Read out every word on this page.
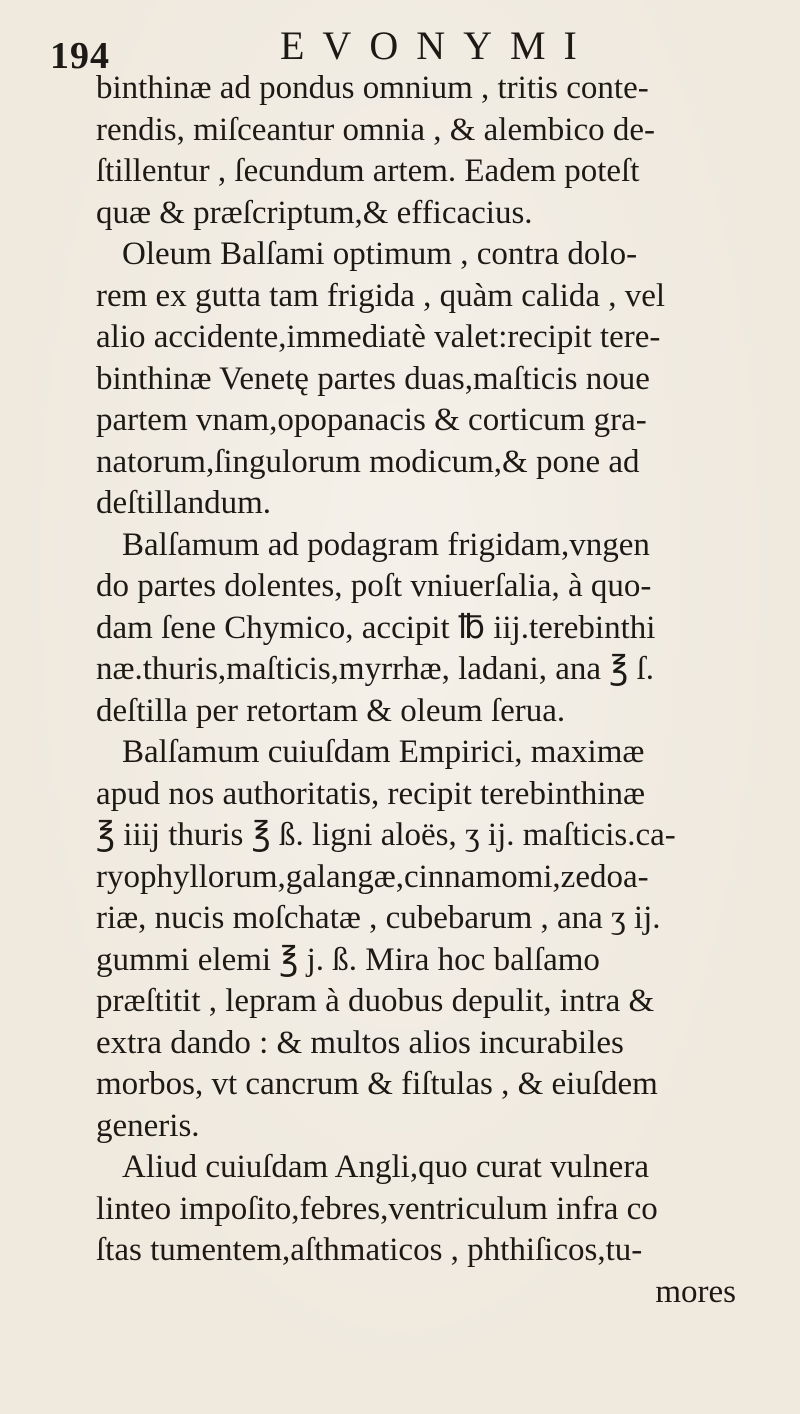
194	EVONYMI
binthinæ ad pondus omnium , tritis conte-
rendis, miſceantur omnia , & alembico de-
ſtillentur , ſecundum artem. Eadem poteſt
quæ & præſcriptum,& efficacius.
Oleum Balſami optimum , contra dolo-
rem ex gutta tam frigida , quàm calida , vel
alio accidente,immediatè valet:recipit tere-
binthinæ Venetę partes duas,maſticis noue
partem vnam,opopanacis & corticum gra-
natorum,ſingulorum modicum,& pone ad
deſtillandum.
Balſamum ad podagram frigidam,vngen
do partes dolentes, poſt vniuerſalia, à quo-
dam ſene Chymico, accipit ℔ iij.terebinthi
næ.thuris,maſticis,myrrhæ, ladani, ana ℥ ſ.
deſtilla per retortam & oleum ſerua.
Balſamum cuiuſdam Empirici, maximæ
apud nos authoritatis, recipit terebinthinæ
℥ iiij thuris ℥ ß. ligni aloës, ʒ ij. maſticis.ca-
ryophyllorum,galangæ,cinnamomi,zedoa-
riæ, nucis moſchatæ , cubebarum , ana ʒ ij.
gummi elemi ℥ j. ß. Mira hoc balſamo
præſtitit , lepram à duobus depulit, intra &
extra dando : & multos alios incurabiles
morbos, vt cancrum & fiſtulas , & eiuſdem
generis.
Aliud cuiuſdam Angli,quo curat vulnera
linteo impoſito,febres,ventriculum infra co
ſtas tumentem,aſthmaticos , phthiſicos,tu-
mores
